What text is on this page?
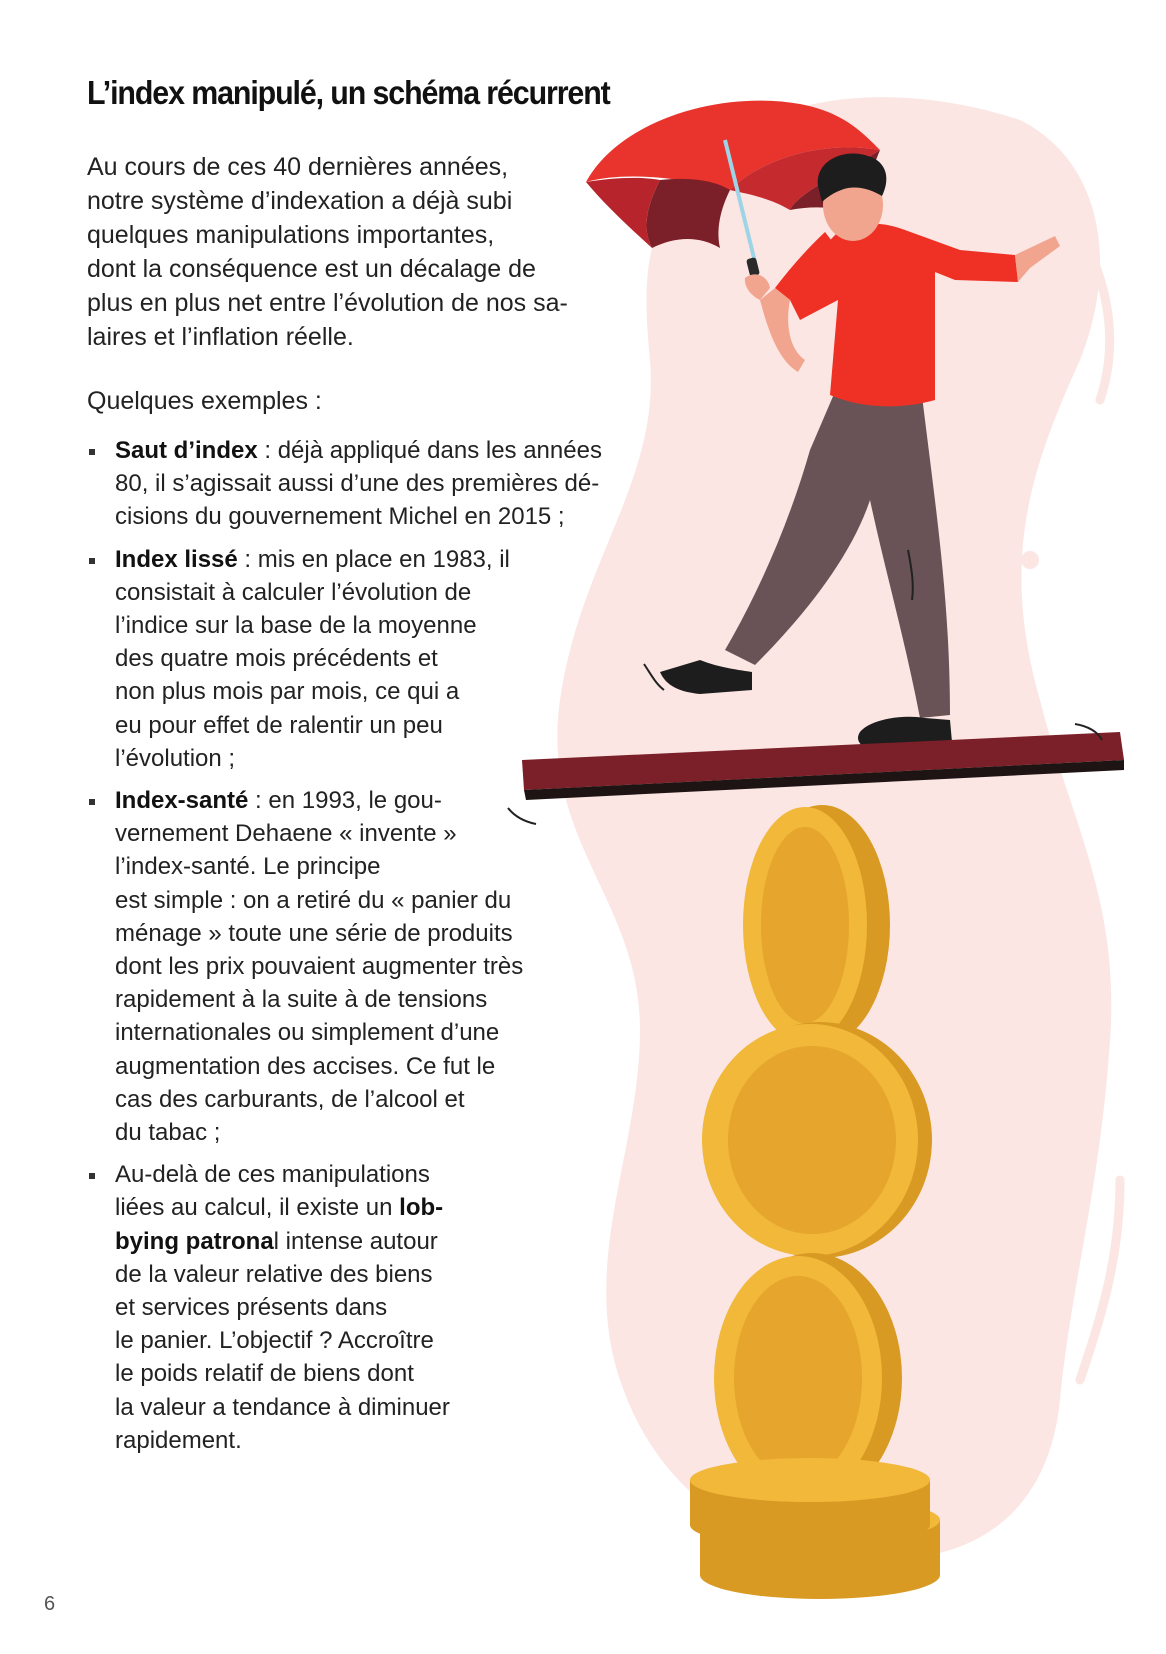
L’index manipulé, un schéma récurrent

Au cours de ces 40 dernières années,
notre système d’indexation a déjà subi
quelques manipulations importantes,
dont la conséquence est un décalage de
plus en plus net entre l’évolution de nos sa-
laires et l’inflation réelle.

Quelques exemples :

Saut d’index : déjà appliqué dans les années
80, il s’agissait aussi d’une des premières dé-
cisions du gouvernement Michel en 2015 ;
Index lissé : mis en place en 1983, il
consistait à calculer l’évolution de
l’indice sur la base de la moyenne
des quatre mois précédents et
non plus mois par mois, ce qui a
eu pour effet de ralentir un peu
l’évolution ;
Index-santé : en 1993, le gou-
vernement Dehaene « invente »
l’index-santé. Le principe
est simple : on a retiré du « panier du
ménage » toute une série de produits
dont les prix pouvaient augmenter très
rapidement à la suite à de tensions
internationales ou simplement d’une
augmentation des accises. Ce fut le
cas des carburants, de l’alcool et
du tabac ;
Au-delà de ces manipulations
liées au calcul, il existe un lob-
bying patronal intense autour
de la valeur relative des biens
et services présents dans
le panier. L’objectif ? Accroître
le poids relatif de biens dont
la valeur a tendance à diminuer
rapidement.
6
